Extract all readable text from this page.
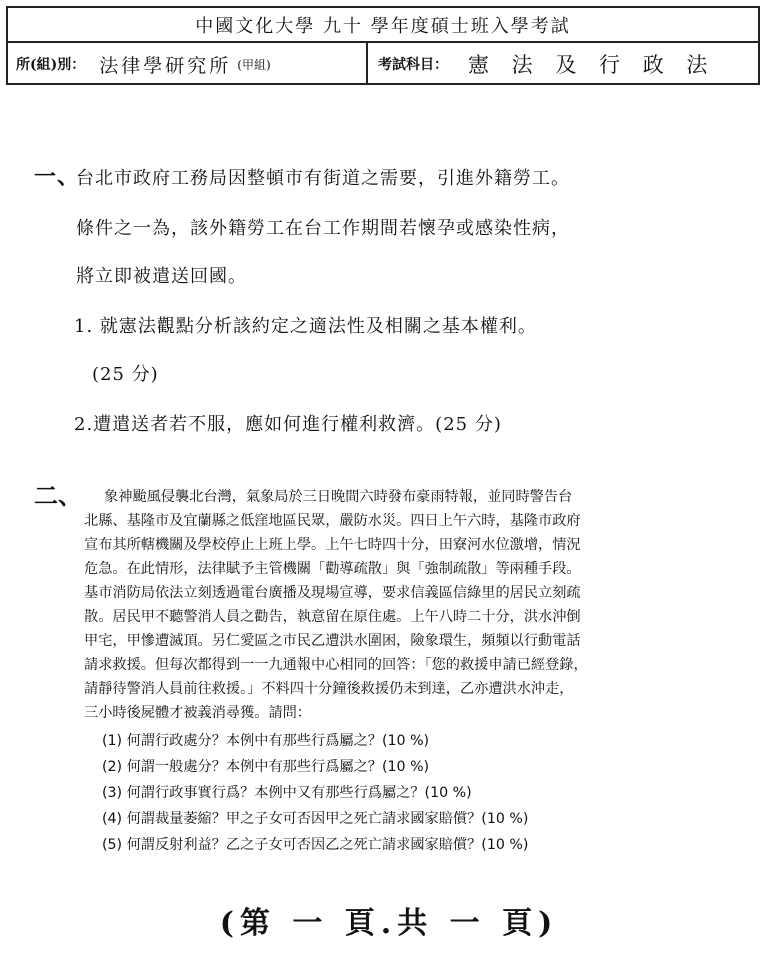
中國文化大學 九十 學年度碩士班入學考試
所(組)別： 法律學研究所 (甲組)	考試科目： 憲 法 及 行 政 法
一、
台北市政府工務局因整頓市有街道之需要，引進外籍勞工。
條件之一為，該外籍勞工在台工作期間若懷孕或感染性病，
將立即被遣送回國。
1. 就憲法觀點分析該約定之適法性及相關之基本權利。
(25 分)
2.遭遣送者若不服，應如何進行權利救濟。(25 分)
二、 象神颱風侵襲北台灣，氣象局於三日晚間六時發布豪雨特報，並同時警告台
北縣、基隆市及宜蘭縣之低窪地區民眾，嚴防水災。四日上午六時，基隆市政府
宣布其所轄機關及學校停止上班上學。上午七時四十分，田寮河水位激增，情況
危急。在此情形，法律賦予主管機關「勸導疏散」與「強制疏散」等兩種手段。
基市消防局依法立刻透過電台廣播及現場宣導，要求信義區信綠里的居民立刻疏
散。居民甲不聽警消人員之勸告，執意留在原住處。上午八時二十分，洪水沖倒
甲宅，甲慘遭滅頂。另仁愛區之市民乙遭洪水圍困，險象環生，頻頻以行動電話
請求救援。但每次都得到一一九通報中心相同的回答：「您的救援申請已經登錄，
請靜待警消人員前往救援。」不料四十分鐘後救援仍未到達，乙亦遭洪水沖走，
三小時後屍體才被義消尋獲。請問：
(1) 何謂行政處分？本例中有那些行爲屬之？(10 %)
(2) 何謂一般處分？本例中有那些行爲屬之？(10 %)
(3) 何謂行政事實行爲？本例中又有那些行爲屬之？(10 %)
(4) 何謂裁量萎縮？甲之子女可否因甲之死亡請求國家賠償？(10 %)
(5) 何謂反射利益？乙之子女可否因乙之死亡請求國家賠償？(10 %)
(第 一 頁.共 一 頁)
